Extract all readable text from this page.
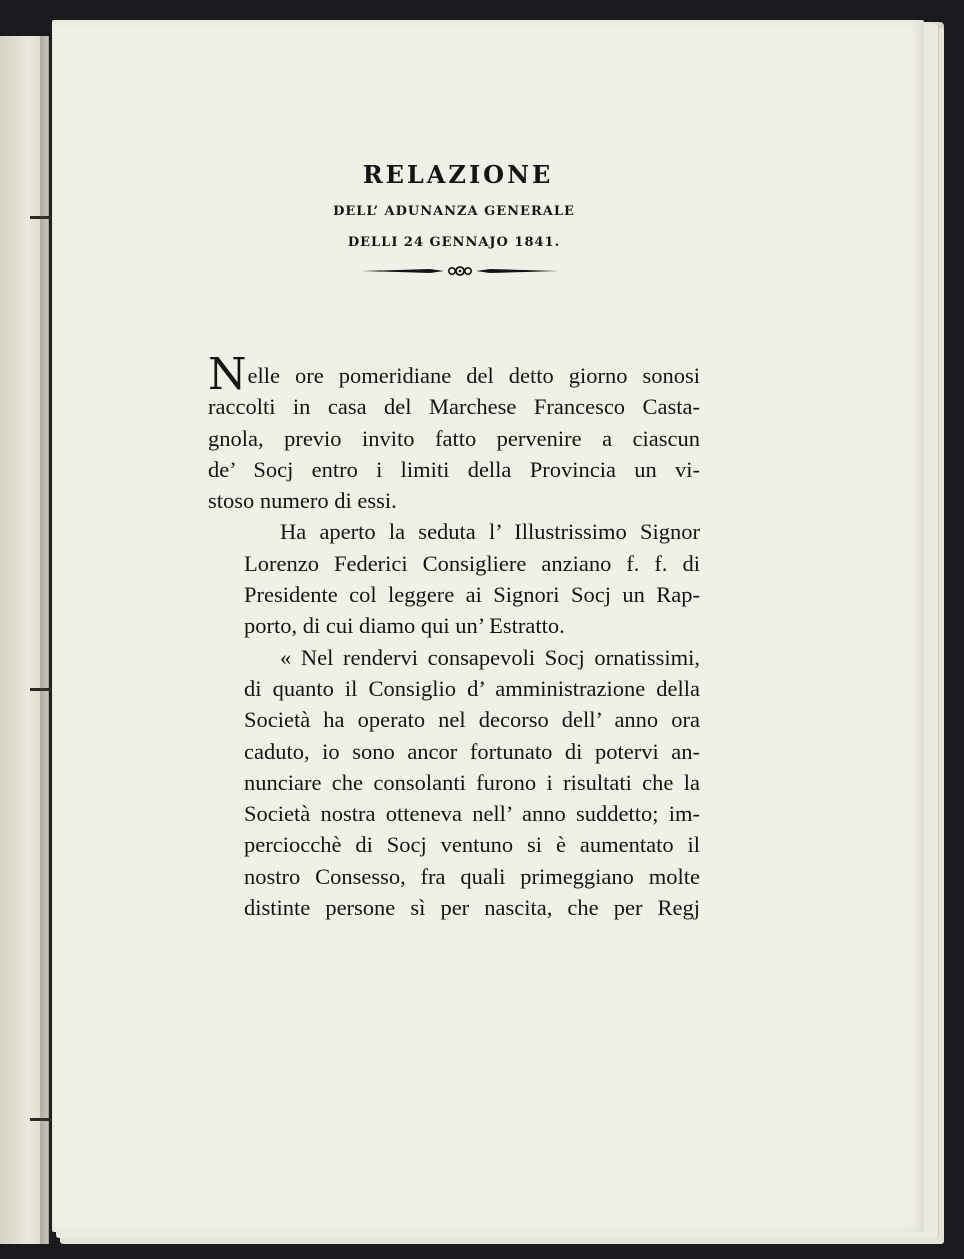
RELAZIONE

DELL’ ADUNANZA GENERALE

DELLI 24 GENNAJO 1841.

Nelle ore pomeridiane del detto giorno sonosi
raccolti in casa del Marchese Francesco Casta-
gnola, previo invito fatto pervenire a ciascun
de’ Socj entro i limiti della Provincia un vi-
stoso numero di essi.

Ha aperto la seduta l’ Illustrissimo Signor
Lorenzo Federici Consigliere anziano f. f. di
Presidente col leggere ai Signori Socj un Rap-
porto, di cui diamo qui un’ Estratto.

« Nel rendervi consapevoli Socj ornatissimi,
di quanto il Consiglio d’ amministrazione della
Società ha operato nel decorso dell’ anno ora
caduto, io sono ancor fortunato di potervi an-
nunciare che consolanti furono i risultati che la
Società nostra otteneva nell’ anno suddetto; im-
perciocchè di Socj ventuno si è aumentato il
nostro Consesso, fra quali primeggiano molte
distinte persone sì per nascita, che per Regj
